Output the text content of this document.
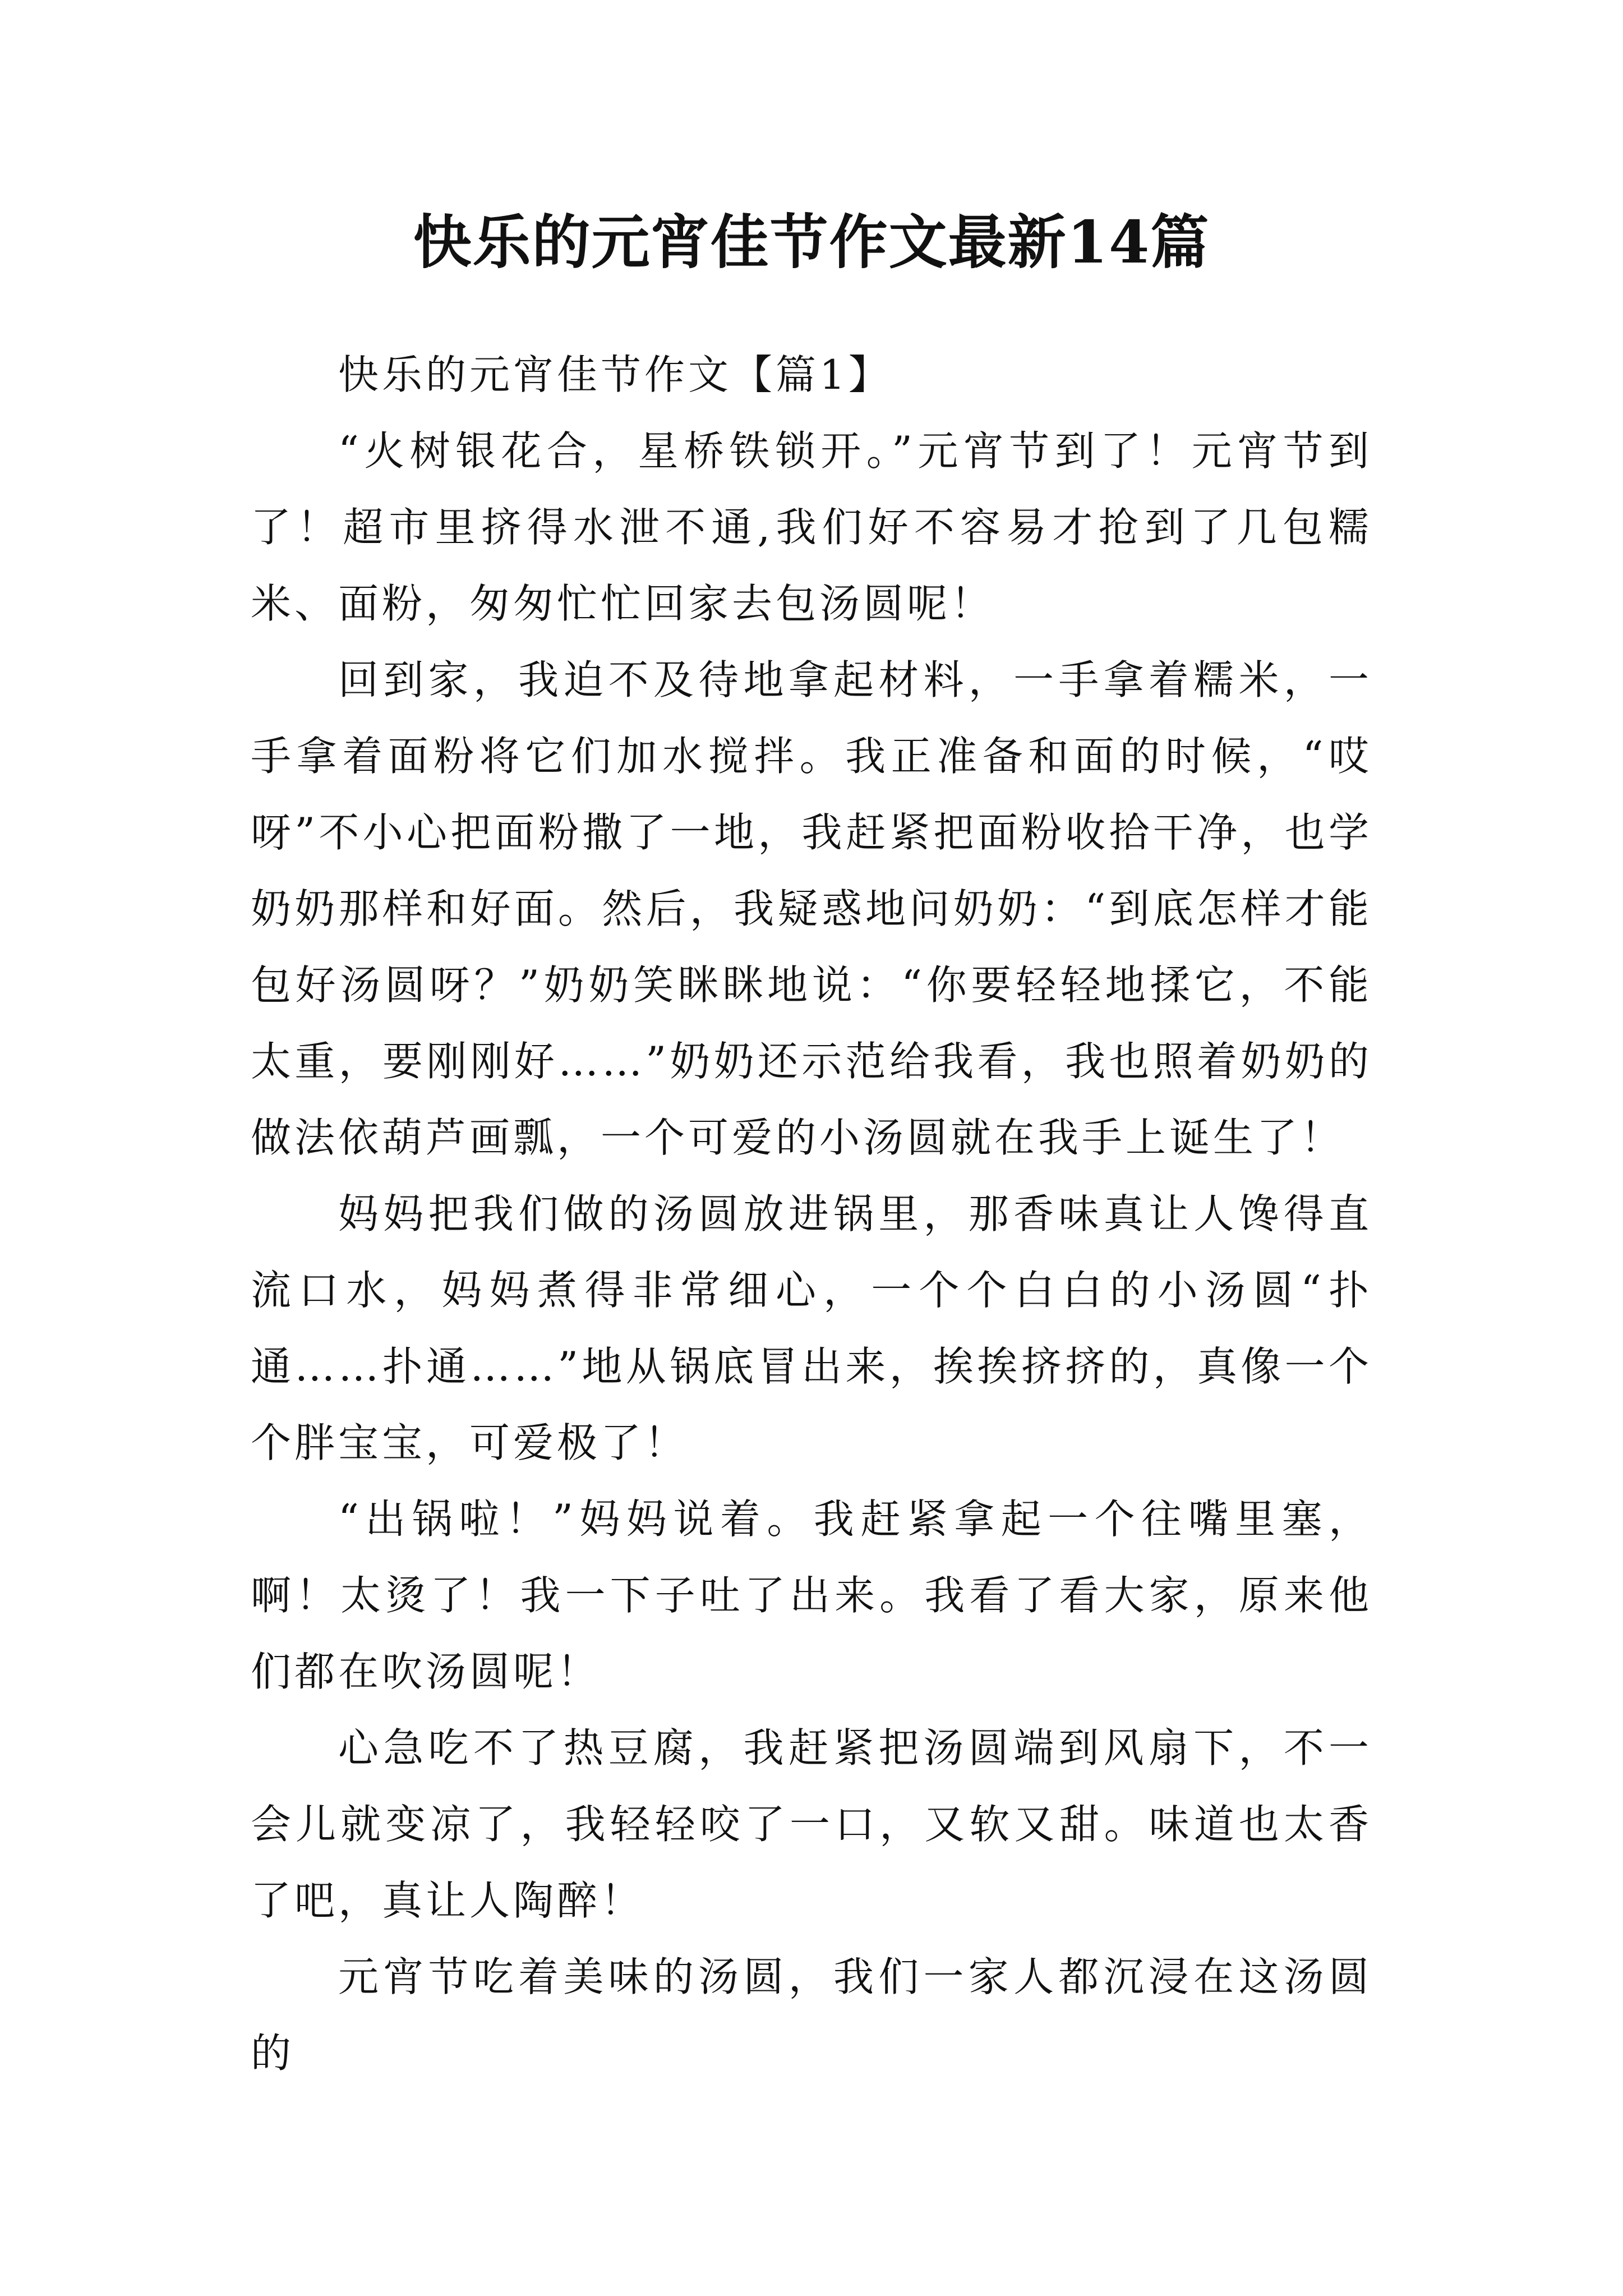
快乐的元宵佳节作文最新14篇

快乐的元宵佳节作文【篇1】

“火树银花合，星桥铁锁开。”元宵节到了！元宵节到了！超市里挤得水泄不通,我们好不容易才抢到了几包糯米、面粉，匆匆忙忙回家去包汤圆呢！

回到家，我迫不及待地拿起材料，一手拿着糯米，一手拿着面粉将它们加水搅拌。我正准备和面的时候，“哎呀”不小心把面粉撒了一地，我赶紧把面粉收拾干净，也学奶奶那样和好面。然后，我疑惑地问奶奶：“到底怎样才能包好汤圆呀？”奶奶笑眯眯地说：“你要轻轻地揉它，不能太重，要刚刚好……”奶奶还示范给我看，我也照着奶奶的做法依葫芦画瓢，一个可爱的小汤圆就在我手上诞生了！

妈妈把我们做的汤圆放进锅里，那香味真让人馋得直流口水，妈妈煮得非常细心，一个个白白的小汤圆“扑通……扑通……”地从锅底冒出来，挨挨挤挤的，真像一个个胖宝宝，可爱极了！

“出锅啦！”妈妈说着。我赶紧拿起一个往嘴里塞，啊！太烫了！我一下子吐了出来。我看了看大家，原来他们都在吹汤圆呢！

心急吃不了热豆腐，我赶紧把汤圆端到风扇下，不一会儿就变凉了，我轻轻咬了一口，又软又甜。味道也太香了吧，真让人陶醉！

元宵节吃着美味的汤圆，我们一家人都沉浸在这汤圆的
